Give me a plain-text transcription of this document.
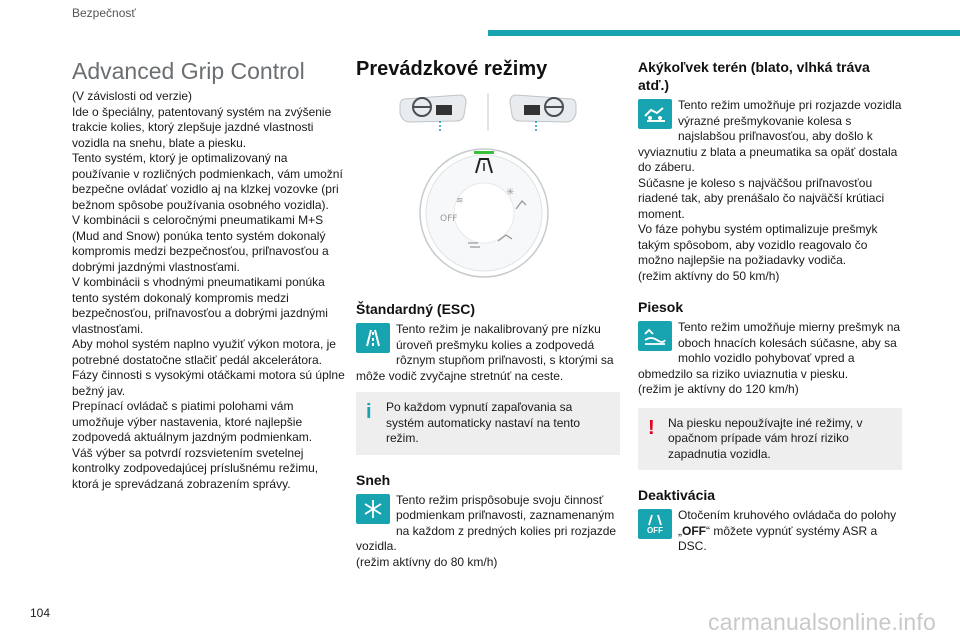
Bezpečnosť
Advanced Grip Control
(V závislosti od verzie)
Ide o špeciálny, patentovaný systém na zvýšenie trakcie kolies, ktorý zlepšuje jazdné vlastnosti vozidla na snehu, blate a piesku.
Tento systém, ktorý je optimalizovaný na používanie v rozličných podmienkach, vám umožní bezpečne ovládať vozidlo aj na klzkej vozovke (pri bežnom spôsobe používania osobného vozidla).
V kombinácii s celoročnými pneumatikami M+S (Mud and Snow) ponúka tento systém dokonalý kompromis medzi bezpečnosťou, priľnavosťou a dobrými jazdnými vlastnosťami.
V kombinácii s vhodnými pneumatikami ponúka tento systém dokonalý kompromis medzi bezpečnosťou, priľnavosťou a dobrými jazdnými vlastnosťami.
Aby mohol systém naplno využiť výkon motora, je potrebné dostatočne stlačiť pedál akcelerátora. Fázy činnosti s vysokými otáčkami motora sú úplne bežný jav.
Prepínací ovládač s piatimi polohami vám umožňuje výber nastavenia, ktoré najlepšie zodpovedá aktuálnym jazdným podmienkam.
Váš výber sa potvrdí rozsvietením svetelnej kontrolky zodpovedajúcej príslušnému režimu, ktorá je sprevádzaná zobrazením správy.
Prevádzkové režimy
≋
OFF
✳
Štandardný (ESC)
Tento režim je nakalibrovaný pre nízku úroveň prešmyku kolies a zodpovedá rôznym stupňom priľnavosti, s ktorými sa môže vodič zvyčajne stretnúť na ceste.
i Po každom vypnutí zapaľovania sa systém automaticky nastaví na tento režim.
Sneh
Tento režim prispôsobuje svoju činnosť podmienkam priľnavosti, zaznamenaným na každom z predných kolies pri rozjazde vozidla.
(režim aktívny do 80 km/h)
Akýkoľvek terén (blato, vlhká tráva atď.)
Tento režim umožňuje pri rozjazde vozidla výrazné prešmykovanie kolesa s najslabšou priľnavosťou, aby došlo k vyviaznutiu z blata a pneumatika sa opäť dostala do záberu.
Súčasne je koleso s najväčšou priľnavosťou riadené tak, aby prenášalo čo najväčší krútiaci moment.
Vo fáze pohybu systém optimalizuje prešmyk takým spôsobom, aby vozidlo reagovalo čo možno najlepšie na požiadavky vodiča.
(režim aktívny do 50 km/h)
Piesok
Tento režim umožňuje mierny prešmyk na oboch hnacích kolesách súčasne, aby sa mohlo vozidlo pohybovať vpred a obmedzilo sa riziko uviaznutia v piesku.
(režim je aktívny do 120 km/h)
! Na piesku nepoužívajte iné režimy, v opačnom prípade vám hrozí riziko zapadnutia vozidla.
Deaktivácia
OFF
Otočením kruhového ovládača do polohy „OFF“ môžete vypnúť systémy ASR a DSC.
104	carmanualsonline.info
